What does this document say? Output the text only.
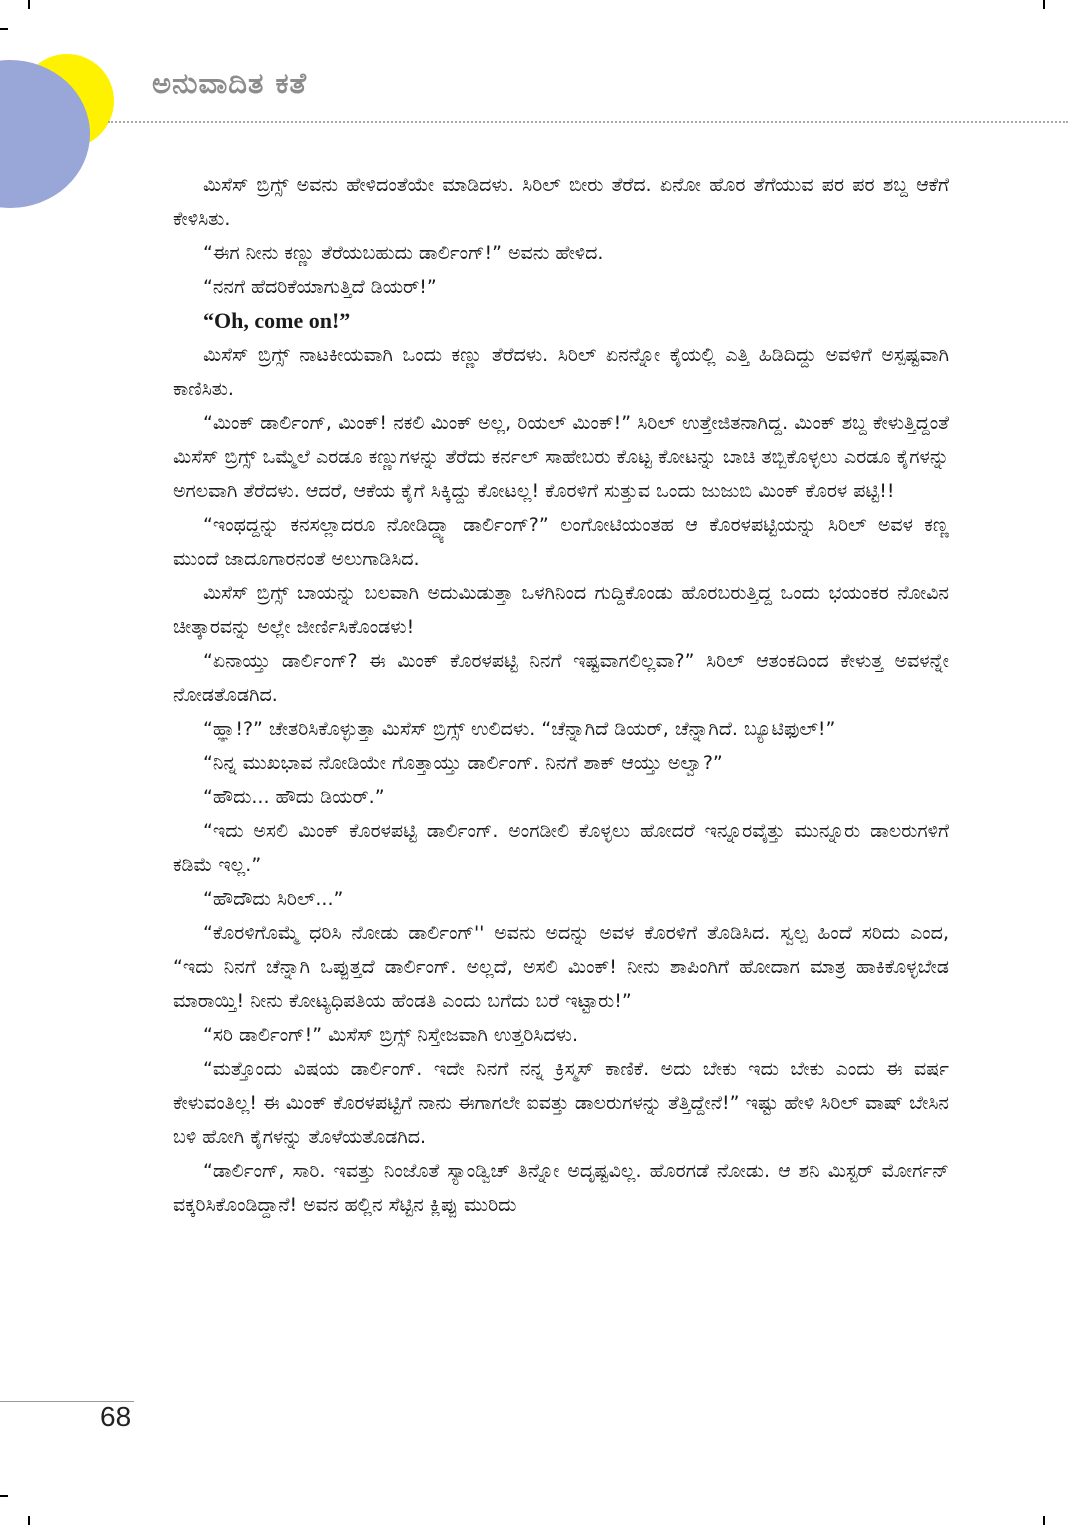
ಅನುವಾದಿತ ಕತೆ

ಮಿಸೆಸ್ ಬ್ರಿಗ್ಸ್ ಅವನು ಹೇಳಿದಂತೆಯೇ ಮಾಡಿದಳು. ಸಿರಿಲ್ ಬೀರು ತೆರೆದ. ಏನೋ ಹೊರ ತೆಗೆಯುವ ಪರ ಪರ ಶಬ್ದ ಆಕೆಗೆ ಕೇಳಿಸಿತು.

“ಈಗ ನೀನು ಕಣ್ಣು ತೆರೆಯಬಹುದು ಡಾರ್ಲಿಂಗ್!” ಅವನು ಹೇಳಿದ.

“ನನಗೆ ಹೆದರಿಕೆಯಾಗುತ್ತಿದೆ ಡಿಯರ್!”

“Oh, come on!”

ಮಿಸೆಸ್ ಬ್ರಿಗ್ಸ್ ನಾಟಕೀಯವಾಗಿ ಒಂದು ಕಣ್ಣು ತೆರೆದಳು. ಸಿರಿಲ್ ಏನನ್ನೋ ಕೈಯಲ್ಲಿ ಎತ್ತಿ ಹಿಡಿದಿದ್ದು ಅವಳಿಗೆ ಅಸ್ಪಷ್ಟವಾಗಿ ಕಾಣಿಸಿತು.

“ಮಿಂಕ್ ಡಾರ್ಲಿಂಗ್, ಮಿಂಕ್! ನಕಲಿ ಮಿಂಕ್ ಅಲ್ಲ, ರಿಯಲ್ ಮಿಂಕ್!” ಸಿರಿಲ್ ಉತ್ತೇಜಿತನಾಗಿದ್ದ. ಮಿಂಕ್ ಶಬ್ದ ಕೇಳುತ್ತಿದ್ದಂತೆ ಮಿಸೆಸ್ ಬ್ರಿಗ್ಸ್ ಒಮ್ಮೆಲೆ ಎರಡೂ ಕಣ್ಣುಗಳನ್ನು ತೆರೆದು ಕರ್ನಲ್ ಸಾಹೇಬರು ಕೊಟ್ಟ ಕೋಟನ್ನು ಬಾಚಿ ತಬ್ಬಿಕೊಳ್ಳಲು ಎರಡೂ ಕೈಗಳನ್ನು ಅಗಲವಾಗಿ ತೆರೆದಳು. ಆದರೆ, ಆಕೆಯ ಕೈಗೆ ಸಿಕ್ಕಿದ್ದು ಕೋಟಲ್ಲ! ಕೊರಳಿಗೆ ಸುತ್ತುವ ಒಂದು ಜುಜುಬಿ ಮಿಂಕ್ ಕೊರಳ ಪಟ್ಟಿ!!

“ಇಂಥದ್ದನ್ನು ಕನಸಲ್ಲಾದರೂ ನೋಡಿದ್ದ್ಯಾ ಡಾರ್ಲಿಂಗ್?” ಲಂಗೋಟಿಯಂತಹ ಆ ಕೊರಳಪಟ್ಟಿಯನ್ನು ಸಿರಿಲ್ ಅವಳ ಕಣ್ಣ ಮುಂದೆ ಜಾದೂಗಾರನಂತೆ ಅಲುಗಾಡಿಸಿದ.

ಮಿಸೆಸ್ ಬ್ರಿಗ್ಸ್ ಬಾಯನ್ನು ಬಲವಾಗಿ ಅದುಮಿಡುತ್ತಾ ಒಳಗಿನಿಂದ ಗುದ್ದಿಕೊಂಡು ಹೊರಬರುತ್ತಿದ್ದ ಒಂದು ಭಯಂಕರ ನೋವಿನ ಚೀತ್ಕಾರವನ್ನು ಅಲ್ಲೇ ಜೀರ್ಣಿಸಿಕೊಂಡಳು!

“ಏನಾಯ್ತು ಡಾರ್ಲಿಂಗ್? ಈ ಮಿಂಕ್ ಕೊರಳಪಟ್ಟಿ ನಿನಗೆ ಇಷ್ಟವಾಗಲಿಲ್ಲವಾ?” ಸಿರಿಲ್ ಆತಂಕದಿಂದ ಕೇಳುತ್ತ ಅವಳನ್ನೇ ನೋಡತೊಡಗಿದ.

“ಹ್ಞಾ!?” ಚೇತರಿಸಿಕೊಳ್ಳುತ್ತಾ ಮಿಸೆಸ್ ಬ್ರಿಗ್ಸ್ ಉಲಿದಳು. “ಚೆನ್ನಾಗಿದೆ ಡಿಯರ್, ಚೆನ್ನಾಗಿದೆ. ಬ್ಯೂಟಿಫುಲ್!”

“ನಿನ್ನ ಮುಖಭಾವ ನೋಡಿಯೇ ಗೊತ್ತಾಯ್ತು ಡಾರ್ಲಿಂಗ್. ನಿನಗೆ ಶಾಕ್ ಆಯ್ತು ಅಲ್ವಾ?”

“ಹೌದು... ಹೌದು ಡಿಯರ್.”

“ಇದು ಅಸಲಿ ಮಿಂಕ್ ಕೊರಳಪಟ್ಟಿ ಡಾರ್ಲಿಂಗ್. ಅಂಗಡೀಲಿ ಕೊಳ್ಳಲು ಹೋದರೆ ಇನ್ನೂರವೈತ್ತು ಮುನ್ನೂರು ಡಾಲರುಗಳಿಗೆ ಕಡಿಮೆ ಇಲ್ಲ.”

“ಹೌದೌದು ಸಿರಿಲ್...”

“ಕೊರಳಿಗೊಮ್ಮೆ ಧರಿಸಿ ನೋಡು ಡಾರ್ಲಿಂಗ್'' ಅವನು ಅದನ್ನು ಅವಳ ಕೊರಳಿಗೆ ತೊಡಿಸಿದ. ಸ್ವಲ್ಪ ಹಿಂದೆ ಸರಿದು ಎಂದ, “ಇದು ನಿನಗೆ ಚೆನ್ನಾಗಿ ಒಪ್ಪುತ್ತದೆ ಡಾರ್ಲಿಂಗ್. ಅಲ್ಲದೆ, ಅಸಲಿ ಮಿಂಕ್! ನೀನು ಶಾಪಿಂಗಿಗೆ ಹೋದಾಗ ಮಾತ್ರ ಹಾಕಿಕೊಳ್ಳಬೇಡ ಮಾರಾಯ್ತಿ! ನೀನು ಕೋಟ್ಯಧಿಪತಿಯ ಹೆಂಡತಿ ಎಂದು ಬಗೆದು ಬರೆ ಇಟ್ಟಾರು!”

“ಸರಿ ಡಾರ್ಲಿಂಗ್!” ಮಿಸೆಸ್ ಬ್ರಿಗ್ಸ್ ನಿಸ್ತೇಜವಾಗಿ ಉತ್ತರಿಸಿದಳು.

“ಮತ್ತೊಂದು ವಿಷಯ ಡಾರ್ಲಿಂಗ್. ಇದೇ ನಿನಗೆ ನನ್ನ ಕ್ರಿಸ್ಮಸ್ ಕಾಣಿಕೆ. ಅದು ಬೇಕು ಇದು ಬೇಕು ಎಂದು ಈ ವರ್ಷ ಕೇಳುವಂತಿಲ್ಲ! ಈ ಮಿಂಕ್ ಕೊರಳಪಟ್ಟಿಗೆ ನಾನು ಈಗಾಗಲೇ ಐವತ್ತು ಡಾಲರುಗಳನ್ನು ತೆತ್ತಿದ್ದೇನೆ!” ಇಷ್ಟು ಹೇಳಿ ಸಿರಿಲ್ ವಾಷ್ ಬೇಸಿನ ಬಳಿ ಹೋಗಿ ಕೈಗಳನ್ನು ತೊಳೆಯತೊಡಗಿದ.

“ಡಾರ್ಲಿಂಗ್, ಸಾರಿ. ಇವತ್ತು ನಿಂಜೊತೆ ಸ್ಯಾಂಡ್ವಿಚ್ ತಿನ್ನೋ ಅದೃಷ್ಟವಿಲ್ಲ. ಹೊರಗಡೆ ನೋಡು. ಆ ಶನಿ ಮಿಸ್ಟರ್ ಮೋರ್ಗನ್ ವಕ್ಕರಿಸಿಕೊಂಡಿದ್ದಾನೆ! ಅವನ ಹಲ್ಲಿನ ಸೆಟ್ಟಿನ ಕ್ಲಿಪ್ಪು ಮುರಿದು

68
